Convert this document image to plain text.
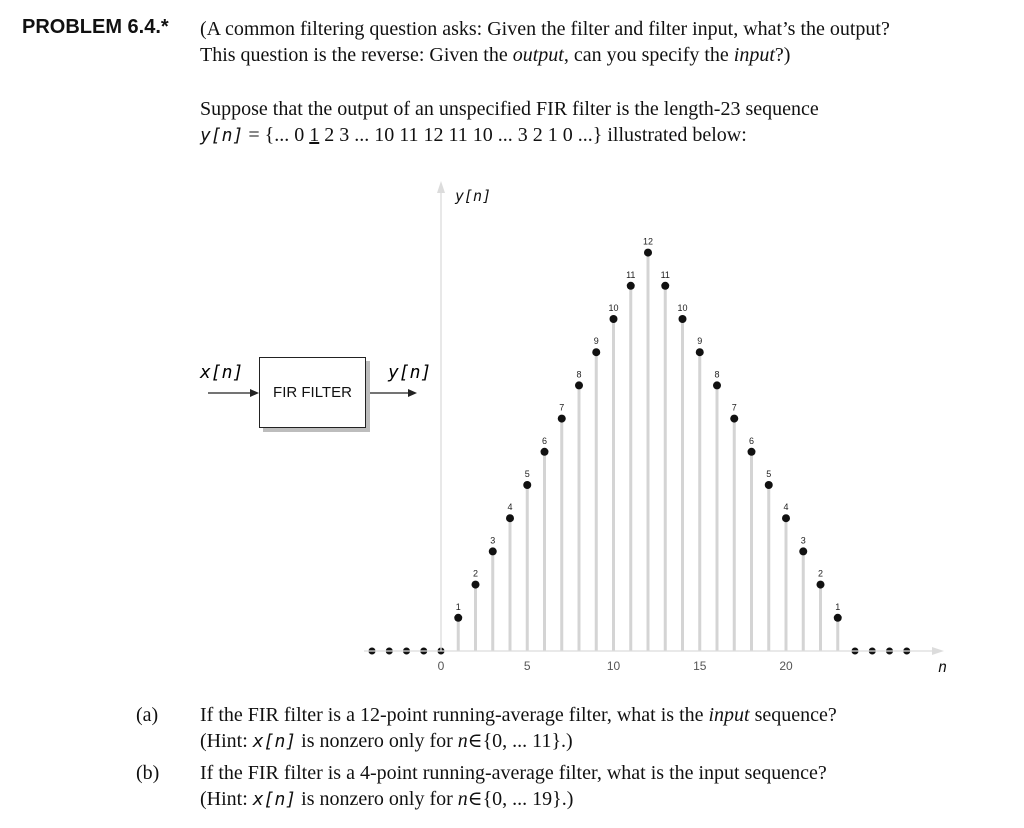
PROBLEM 6.4.* (A common filtering question asks: Given the filter and filter input, what’s the output?
This question is the reverse: Given the output, can you specify the input?)
Suppose that the output of an unspecified FIR filter is the length-23 sequence
y[n] = {... 0 1 2 3 ... 10 11 12 11 10 ... 3 2 1 0 ...} illustrated below:
1
2
3
4
5
6
7
8
9
10
11
12
11
10
9
8
7
6
5
4
3
2
1
y[n]
n
0	5	10	15	20
x[n]	y[n]
FIR FILTER
(a) If the FIR filter is a 12-point running-average filter, what is the input sequence?
(Hint: x[n] is nonzero only for n∈{0, ... 11}.)
(b) If the FIR filter is a 4-point running-average filter, what is the input sequence?
(Hint: x[n] is nonzero only for n∈{0, ... 19}.)
